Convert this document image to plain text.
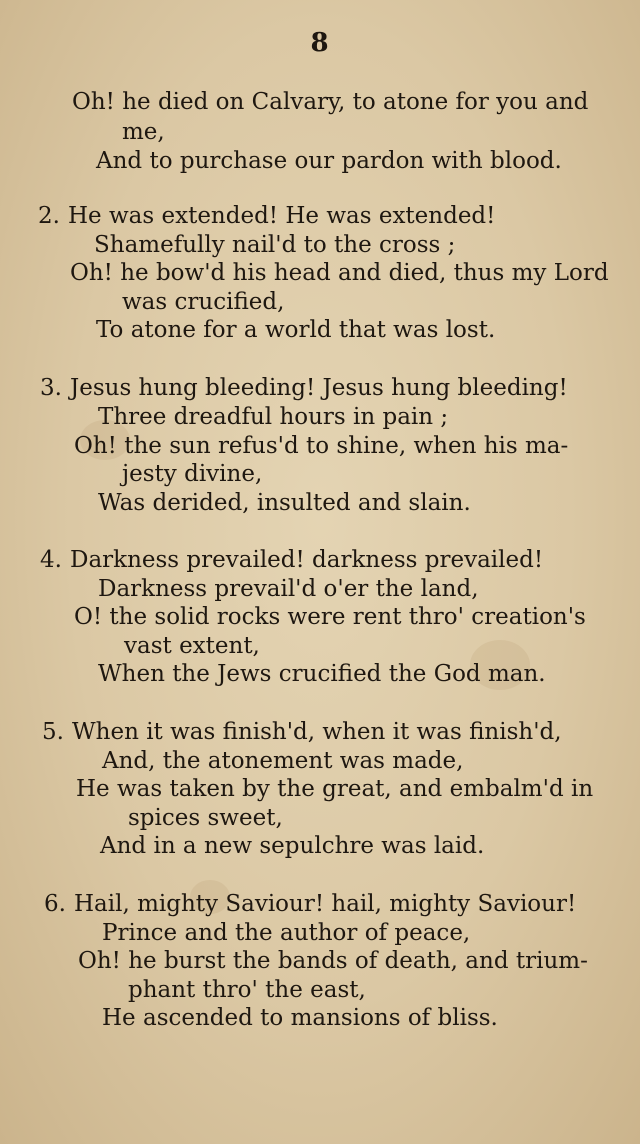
8
Oh! he died on Calvary, to atone for you and
me,
And to purchase our pardon with blood.
2. He was extended! He was extended!
Shamefully nail'd to the cross ;
Oh! he bow'd his head and died, thus my Lord
was crucified,
To atone for a world that was lost.
3. Jesus hung bleeding! Jesus hung bleeding!
Three dreadful hours in pain ;
Oh! the sun refus'd to shine, when his ma-
jesty divine,
Was derided, insulted and slain.
4. Darkness prevailed! darkness prevailed!
Darkness prevail'd o'er the land,
O! the solid rocks were rent thro' creation's
vast extent,
When the Jews crucified the God man.
5. When it was finish'd, when it was finish'd,
And, the atonement was made,
He was taken by the great, and embalm'd in
spices sweet,
And in a new sepulchre was laid.
6. Hail, mighty Saviour! hail, mighty Saviour!
Prince and the author of peace,
Oh! he burst the bands of death, and trium-
phant thro' the east,
He ascended to mansions of bliss.
